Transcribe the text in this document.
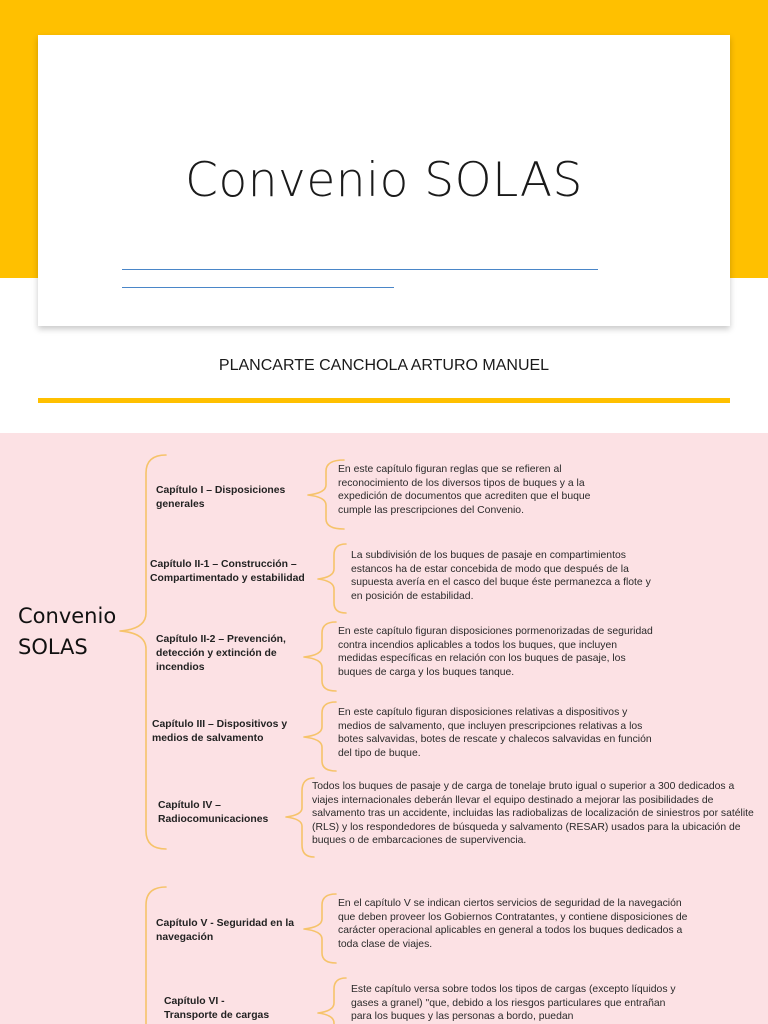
Convenio SOLAS
PLANCARTE CANCHOLA ARTURO MANUEL
Convenio SOLAS
Capítulo I – Disposiciones generales
En este capítulo figuran reglas que se refieren al reconocimiento de los diversos tipos de buques y a la expedición de documentos que acrediten que el buque cumple las prescripciones del Convenio.
Capítulo II-1 – Construcción – Compartimentado y estabilidad
La subdivisión de los buques de pasaje en compartimientos estancos ha de estar concebida de modo que después de la supuesta avería en el casco del buque éste permanezca a flote y en posición de estabilidad.
Capítulo II-2 – Prevención, detección y extinción de incendios
En este capítulo figuran disposiciones pormenorizadas de seguridad contra incendios aplicables a todos los buques, que incluyen medidas específicas en relación con los buques de pasaje, los buques de carga y los buques tanque.
Capítulo III – Dispositivos y medios de salvamento
En este capítulo figuran disposiciones relativas a dispositivos y medios de salvamento, que incluyen prescripciones relativas a los botes salvavidas, botes de rescate y chalecos salvavidas en función del tipo de buque.
Capítulo IV – Radiocomunicaciones
Todos los buques de pasaje y de carga de tonelaje bruto igual o superior a 300 dedicados a viajes internacionales deberán llevar el equipo destinado a mejorar las posibilidades de salvamento tras un accidente, incluidas las radiobalizas de localización de siniestros por satélite (RLS) y los respondedores de búsqueda y salvamento (RESAR) usados para la ubicación de buques o de embarcaciones de supervivencia.
Capítulo V - Seguridad en la navegación
En el capítulo V se indican ciertos servicios de seguridad de la navegación que deben proveer los Gobiernos Contratantes, y contiene disposiciones de carácter operacional aplicables en general a todos los buques dedicados a toda clase de viajes.
Capítulo VI - Transporte de cargas
Este capítulo versa sobre todos los tipos de cargas (excepto líquidos y gases a granel) "que, debido a los riesgos particulares que entrañan para los buques y las personas a bordo, puedan
